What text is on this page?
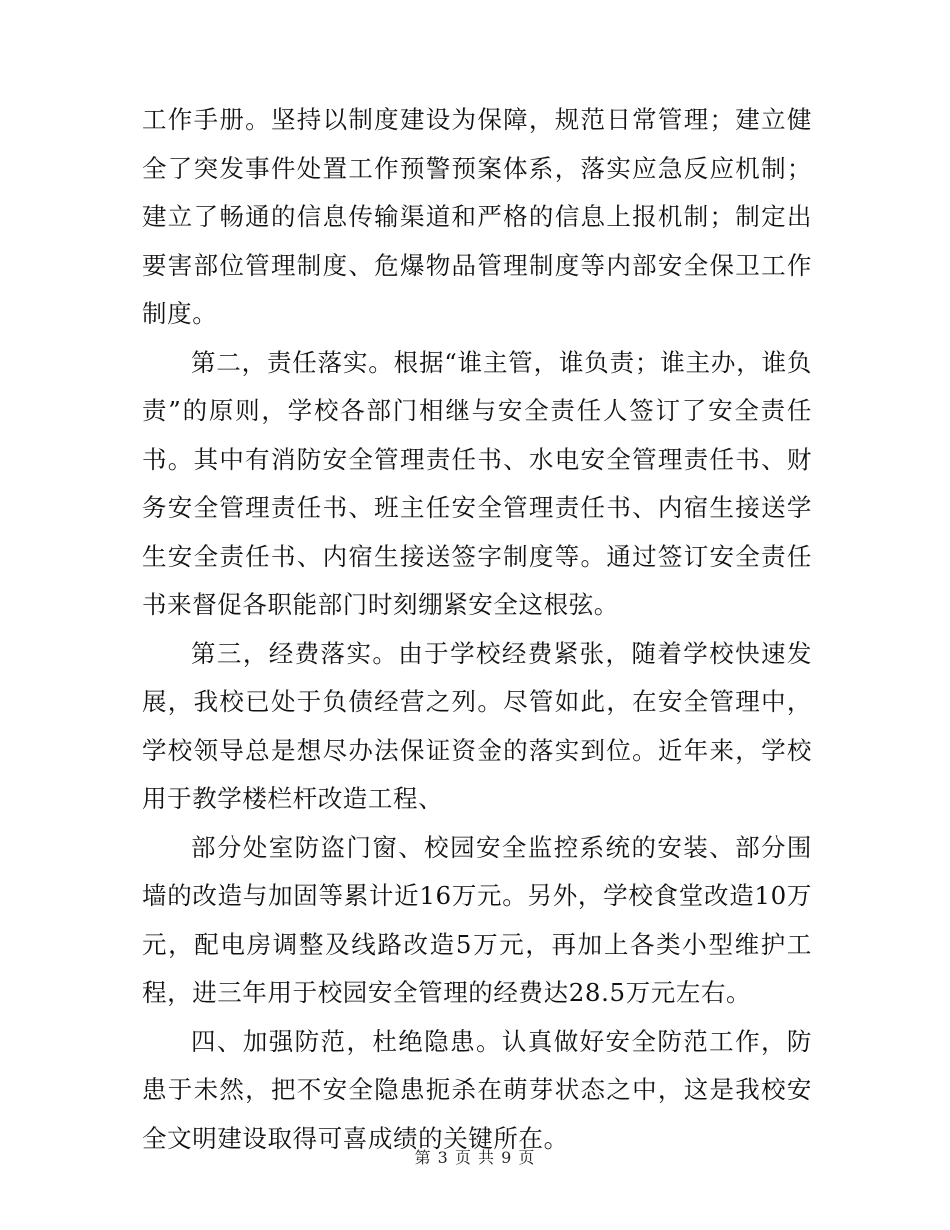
工作手册。坚持以制度建设为保障，规范日常管理；建立健全了突发事件处置工作预警预案体系，落实应急反应机制；建立了畅通的信息传输渠道和严格的信息上报机制；制定出要害部位管理制度、危爆物品管理制度等内部安全保卫工作制度。

第二，责任落实。根据“谁主管，谁负责；谁主办，谁负责”的原则，学校各部门相继与安全责任人签订了安全责任书。其中有消防安全管理责任书、水电安全管理责任书、财务安全管理责任书、班主任安全管理责任书、内宿生接送学生安全责任书、内宿生接送签字制度等。通过签订安全责任书来督促各职能部门时刻绷紧安全这根弦。

第三，经费落实。由于学校经费紧张，随着学校快速发展，我校已处于负债经营之列。尽管如此，在安全管理中，学校领导总是想尽办法保证资金的落实到位。近年来，学校用于教学楼栏杆改造工程、

部分处室防盗门窗、校园安全监控系统的安装、部分围墙的改造与加固等累计近16万元。另外，学校食堂改造10万元，配电房调整及线路改造5万元，再加上各类小型维护工程，进三年用于校园安全管理的经费达28.5万元左右。

四、加强防范，杜绝隐患。认真做好安全防范工作，防患于未然，把不安全隐患扼杀在萌芽状态之中，这是我校安全文明建设取得可喜成绩的关键所在。

第 3 页 共 9 页
